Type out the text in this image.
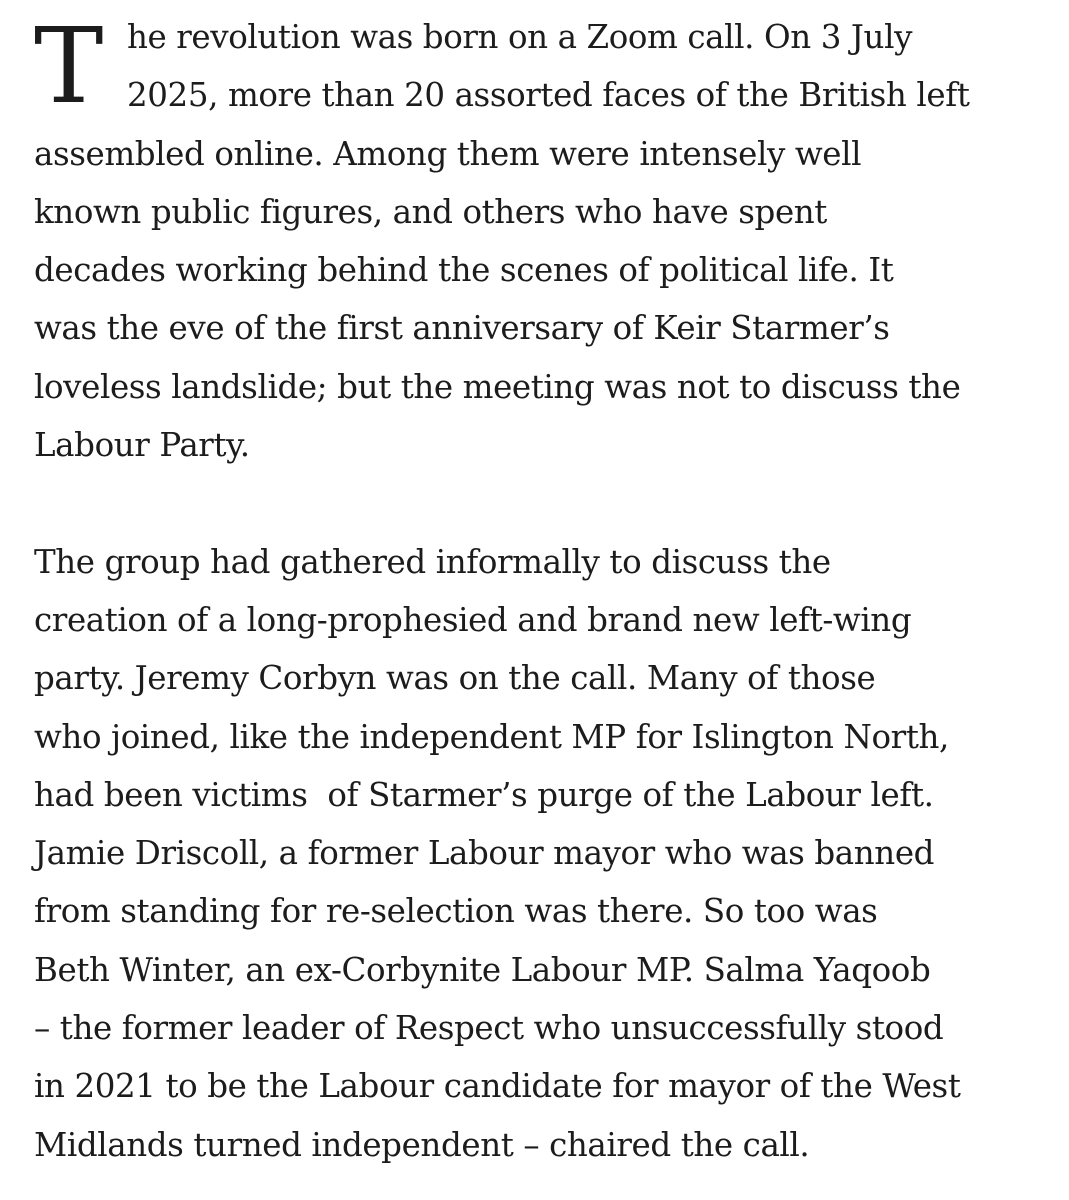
T he revolution was born on a Zoom call. On 3 July
2025, more than 20 assorted faces of the British left
assembled online. Among them were intensely well
known public figures, and others who have spent
decades working behind the scenes of political life. It
was the eve of the first anniversary of Keir Starmer’s
loveless landslide; but the meeting was not to discuss the
Labour Party.
The group had gathered informally to discuss the
creation of a long-prophesied and brand new left-wing
party. Jeremy Corbyn was on the call. Many of those
who joined, like the independent MP for Islington North,
had been victims  of Starmer’s purge of the Labour left.
Jamie Driscoll, a former Labour mayor who was banned
from standing for re-selection was there. So too was
Beth Winter, an ex-Corbynite Labour MP. Salma Yaqoob
– the former leader of Respect who unsuccessfully stood
in 2021 to be the Labour candidate for mayor of the West
Midlands turned independent – chaired the call.
